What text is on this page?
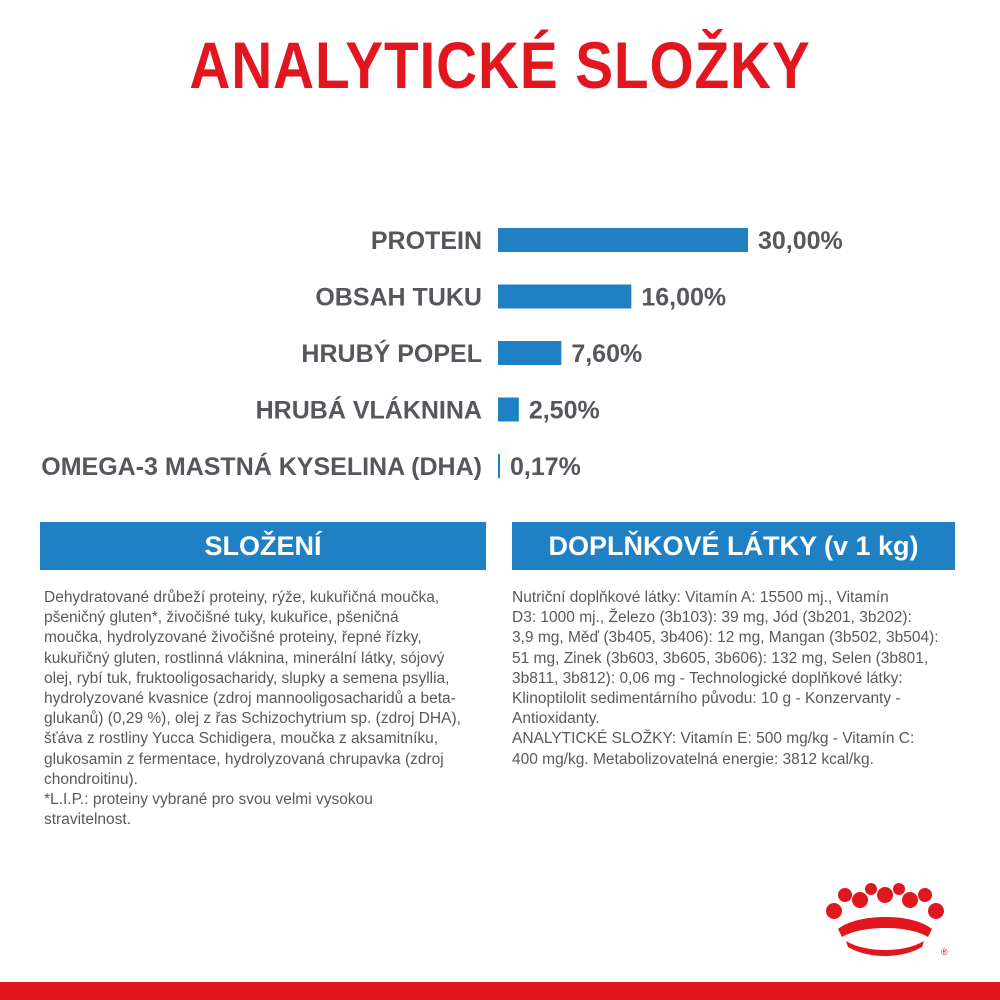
ANALYTICKÉ SLOŽKY
PROTEIN	30,00%
OBSAH TUKU	16,00%
HRUBÝ POPEL	7,60%
HRUBÁ VLÁKNINA 2,50%
OMEGA-3 MASTNÁ KYSELINA (DHA) 0,17%
SLOŽENÍ	DOPLŇKOVÉ LÁTKY (v 1 kg)

Dehydratované drůbeží proteiny, rýže, kukuřičná moučka,

pšeničný gluten*, živočišné tuky, kukuřice, pšeničná

moučka, hydrolyzované živočišné proteiny, řepné řízky,

kukuřičný gluten, rostlinná vláknina, minerální látky, sójový

olej, rybí tuk, fruktooligosacharidy, slupky a semena psyllia,

hydrolyzované kvasnice (zdroj mannooligosacharidů a beta-

glukanů) (0,29 %), olej z řas Schizochytrium sp. (zdroj DHA),

šťáva z rostliny Yucca Schidigera, moučka z aksamitníku,

glukosamin z fermentace, hydrolyzovaná chrupavka (zdroj

chondroitinu).

*L.I.P.: proteiny vybrané pro svou velmi vysokou

stravitelnost.

Nutriční doplňkové látky: Vitamín A: 15500 mj., Vitamín

D3: 1000 mj., Železo (3b103): 39 mg, Jód (3b201, 3b202):

3,9 mg, Měď (3b405, 3b406): 12 mg, Mangan (3b502, 3b504):

51 mg, Zinek (3b603, 3b605, 3b606): 132 mg, Selen (3b801,

3b811, 3b812): 0,06 mg - Technologické doplňkové látky:

Klinoptilolit sedimentárního původu: 10 g - Konzervanty -

Antioxidanty.

ANALYTICKÉ SLOŽKY: Vitamín E: 500 mg/kg - Vitamín C:

400 mg/kg. Metabolizovatelná energie: 3812 kcal/kg.

®
